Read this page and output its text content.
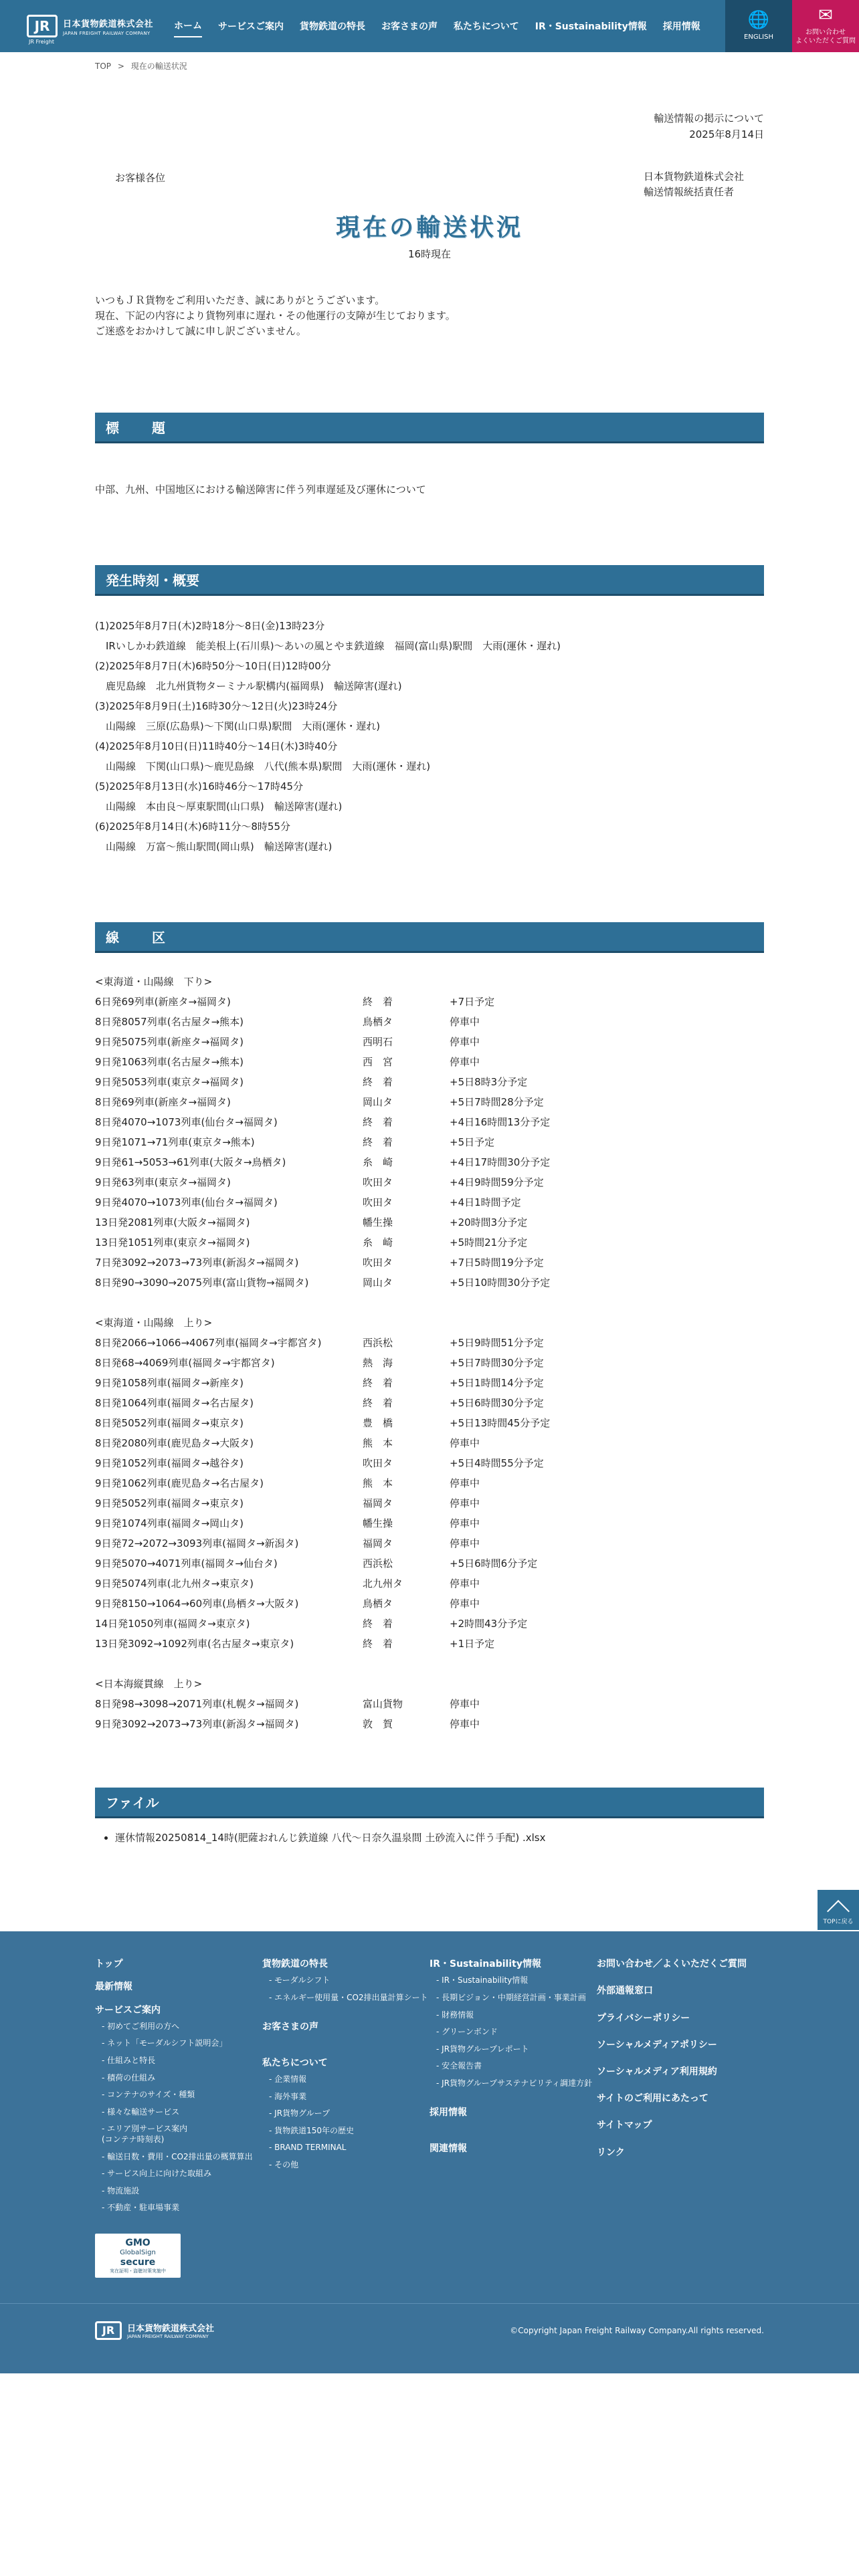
JR
JR Freight
日本貨物鉄道株式会社
JAPAN FREIGHT RAILWAY COMPANY
ホーム サービスご案内 貨物鉄道の特長 お客さまの声 私たちについて IR・Sustainability情報 採用情報	🌐
ENGLISH
✉
お問い合わせ
よくいただくご質問
TOP > 現在の輸送状況
輸送情報の掲示について
2025年8月14日
お客様各位	日本貨物鉄道株式会社
輸送情報統括責任者
現在の輸送状況
16時現在
いつもＪＲ貨物をご利用いただき、誠にありがとうございます。
現在、下記の内容により貨物列車に遅れ・その他運行の支障が生じております。
ご迷惑をおかけして誠に申し訳ございません。
標　　題
中部、九州、中国地区における輸送障害に伴う列車遅延及び運休について
発生時刻・概要
(1)2025年8月7日(木)2時18分～8日(金)13時23分
IRいしかわ鉄道線　能美根上(石川県)～あいの風とやま鉄道線　福岡(富山県)駅間　大雨(運休・遅れ)
(2)2025年8月7日(木)6時50分～10日(日)12時00分
鹿児島線　北九州貨物ターミナル駅構内(福岡県)　輸送障害(遅れ)
(3)2025年8月9日(土)16時30分～12日(火)23時24分
山陽線　三原(広島県)～下関(山口県)駅間　大雨(運休・遅れ)
(4)2025年8月10日(日)11時40分～14日(木)3時40分
山陽線　下関(山口県)～鹿児島線　八代(熊本県)駅間　大雨(運休・遅れ)
(5)2025年8月13日(水)16時46分～17時45分
山陽線　本由良～厚東駅間(山口県)　輸送障害(遅れ)
(6)2025年8月14日(木)6時11分～8時55分
山陽線　万富～熊山駅間(岡山県)　輸送障害(遅れ)
線　　区
<東海道・山陽線　下り>
6日発69列車(新座タ→福岡タ)	終　着	+7日予定
8日発8057列車(名古屋タ→熊本)	鳥栖タ	停車中
9日発5075列車(新座タ→福岡タ)	西明石	停車中
9日発1063列車(名古屋タ→熊本)	西　宮	停車中
9日発5053列車(東京タ→福岡タ)	終　着	+5日8時3分予定
8日発69列車(新座タ→福岡タ)	岡山タ	+5日7時間28分予定
8日発4070→1073列車(仙台タ→福岡タ)	終　着	+4日16時間13分予定
9日発1071→71列車(東京タ→熊本)	終　着	+5日予定
9日発61→5053→61列車(大阪タ→鳥栖タ)	糸　崎	+4日17時間30分予定
9日発63列車(東京タ→福岡タ)	吹田タ	+4日9時間59分予定
9日発4070→1073列車(仙台タ→福岡タ)	吹田タ	+4日1時間予定
13日発2081列車(大阪タ→福岡タ)	幡生操	+20時間3分予定
13日発1051列車(東京タ→福岡タ)	糸　崎	+5時間21分予定
7日発3092→2073→73列車(新潟タ→福岡タ)	吹田タ	+7日5時間19分予定
8日発90→3090→2075列車(富山貨物→福岡タ)	岡山タ	+5日10時間30分予定
<東海道・山陽線　上り>
8日発2066→1066→4067列車(福岡タ→宇都宮タ)	西浜松	+5日9時間51分予定
8日発68→4069列車(福岡タ→宇都宮タ)	熱　海	+5日7時間30分予定
9日発1058列車(福岡タ→新座タ)	終　着	+5日1時間14分予定
8日発1064列車(福岡タ→名古屋タ)	終　着	+5日6時間30分予定
8日発5052列車(福岡タ→東京タ)	豊　橋	+5日13時間45分予定
8日発2080列車(鹿児島タ→大阪タ)	熊　本	停車中
9日発1052列車(福岡タ→越谷タ)	吹田タ	+5日4時間55分予定
9日発1062列車(鹿児島タ→名古屋タ)	熊　本	停車中
9日発5052列車(福岡タ→東京タ)	福岡タ	停車中
9日発1074列車(福岡タ→岡山タ)	幡生操	停車中
9日発72→2072→3093列車(福岡タ→新潟タ)	福岡タ	停車中
9日発5070→4071列車(福岡タ→仙台タ)	西浜松	+5日6時間6分予定
9日発5074列車(北九州タ→東京タ)	北九州タ	停車中
9日発8150→1064→60列車(鳥栖タ→大阪タ)	鳥栖タ	停車中
14日発1050列車(福岡タ→東京タ)	終　着	+2時間43分予定
13日発3092→1092列車(名古屋タ→東京タ)	終　着	+1日予定
<日本海縦貫線　上り>
8日発98→3098→2071列車(札幌タ→福岡タ)	富山貨物	停車中
9日発3092→2073→73列車(新潟タ→福岡タ)	敦　賀	停車中
ファイル
• 運休情報20250814_14時(肥薩おれんじ鉄道線 八代〜日奈久温泉間 土砂流入に伴う手配) .xlsx
TOPに戻る
トップ
最新情報
サービスご案内
- 初めてご利用の方へ
- ネット「モーダルシフト説明会」
- 仕組みと特長
- 積荷の仕組み
- コンテナのサイズ・種類
- 様々な輸送サービス
- エリア別サービス案内
(コンテナ時刻表)
- 輸送日数・費用・CO2排出量の概算算出
- サービス向上に向けた取組み
- 物流施設
- 不動産・駐車場事業
GMO
GlobalSign
secure
実在証明・盗聴対策実施中
貨物鉄道の特長
- モーダルシフト
- エネルギー使用量・CO2排出量計算シート
お客さまの声
私たちについて
- 企業情報
- 海外事業
- JR貨物グループ
- 貨物鉄道150年の歴史
- BRAND TERMINAL
- その他
IR・Sustainability情報
- IR・Sustainability情報
- 長期ビジョン・中期経営計画・事業計画
- 財務情報
- グリーンボンド
- JR貨物グループレポート
- 安全報告書
- JR貨物グループサステナビリティ調達方針
採用情報
関連情報
お問い合わせ／よくいただくご質問
外部通報窓口
プライバシーポリシー
ソーシャルメディアポリシー
ソーシャルメディア利用規約
サイトのご利用にあたって
サイトマップ
リンク
JR	日本貨物鉄道株式会社
JAPAN FREIGHT RAILWAY COMPANY
©Copyright Japan Freight Railway Company.All rights reserved.
